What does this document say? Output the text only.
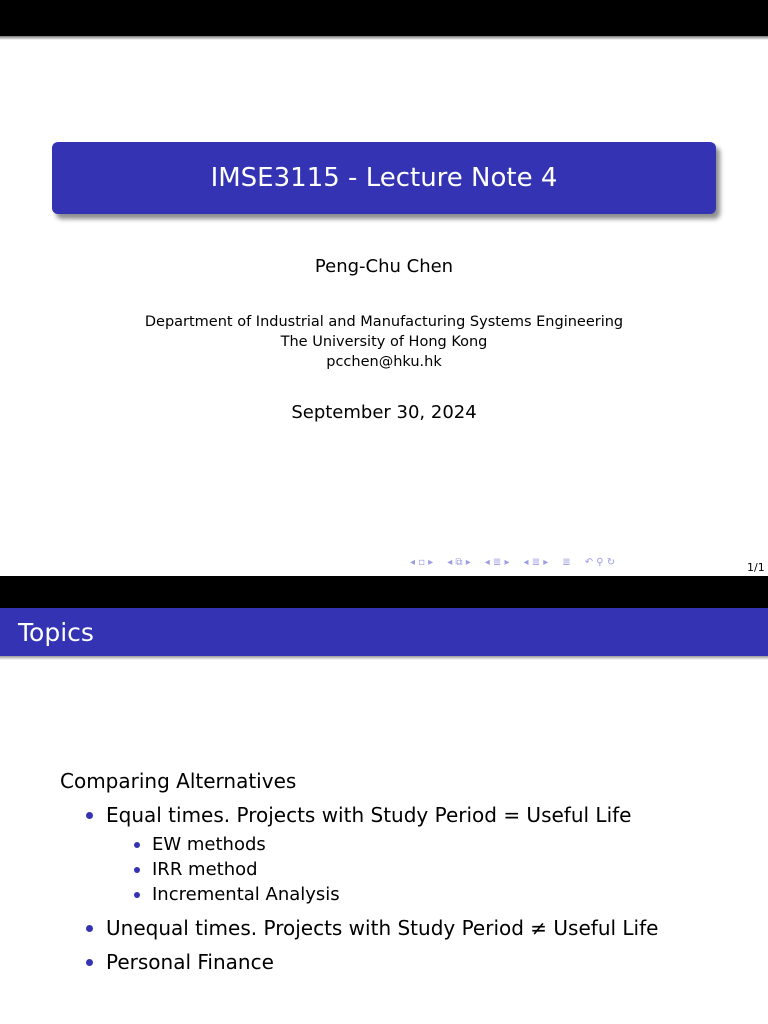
IMSE3115 - Lecture Note 4
Peng-Chu Chen
Department of Industrial and Manufacturing Systems Engineering
The University of Hong Kong
pcchen@hku.hk
September 30, 2024
◂ ▫ ▸ ◂ ⧉ ▸ ◂ ≣ ▸ ◂ ≣ ▸ ≣ ↶ ⚲ ↻	1/1
Topics
Comparing Alternatives
Equal times. Projects with Study Period = Useful Life
EW methods
IRR method
Incremental Analysis
Unequal times. Projects with Study Period ≠ Useful Life
Personal Finance
